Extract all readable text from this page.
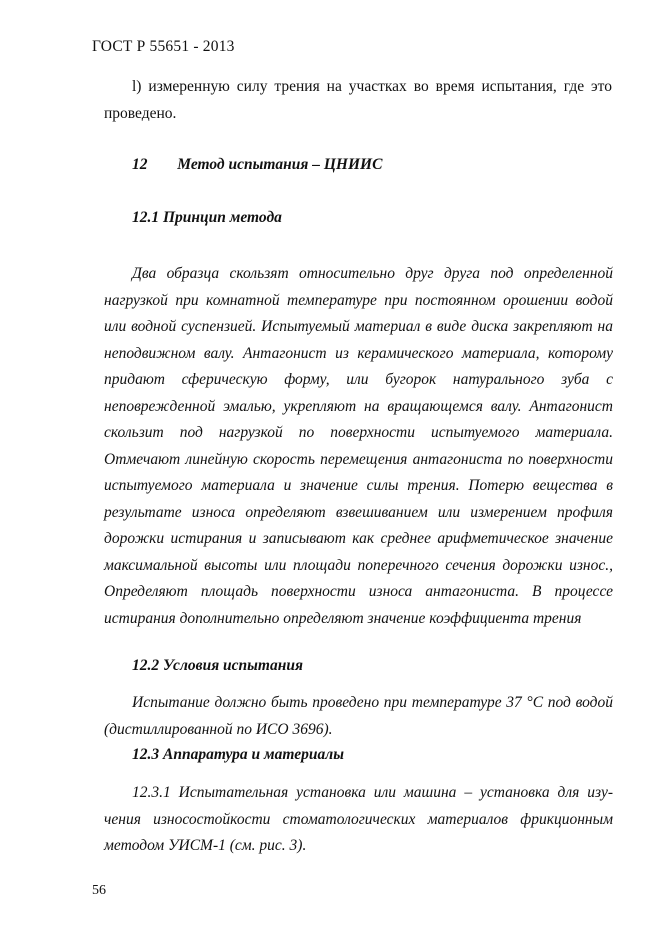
ГОСТ Р 55651 - 2013
l) измеренную силу трения на участках во время испытания, где это
проведено.
12 Метод испытания – ЦНИИС
12.1 Принцип метода
Два образца скользят относительно друг друга под определенной
нагрузкой при комнатной температуре при постоянном орошении водой
или водной суспензией. Испытуемый материал в виде диска закрепляют на
неподвижном валу. Антагонист из керамического материала, которому
придают сферическую форму, или бугорок натурального зуба с
неповрежденной эмалью, укрепляют на вращающемся валу. Антагонист
скользит под нагрузкой по поверхности испытуемого материала.
Отмечают линейную скорость перемещения антагониста по поверхности
испытуемого материала и значение силы трения. Потерю вещества в
результате износа определяют взвешиванием или измерением профиля
дорожки истирания и записывают как среднее арифметическое значение
максимальной высоты или площади поперечного сечения дорожки износ.,
Определяют площадь поверхности износа антагониста. В процессе
истирания дополнительно определяют значение коэффициента трения
12.2 Условия испытания
Испытание должно быть проведено при температуре 37 °C под водой
(дистиллированной по ИСО 3696).
12.3 Аппаратура и материалы
12.3.1 Испытательная установка или машина – установка для изу-
чения износостойкости стоматологических материалов фрикционным
методом УИСМ-1 (см. рис. 3).
56
